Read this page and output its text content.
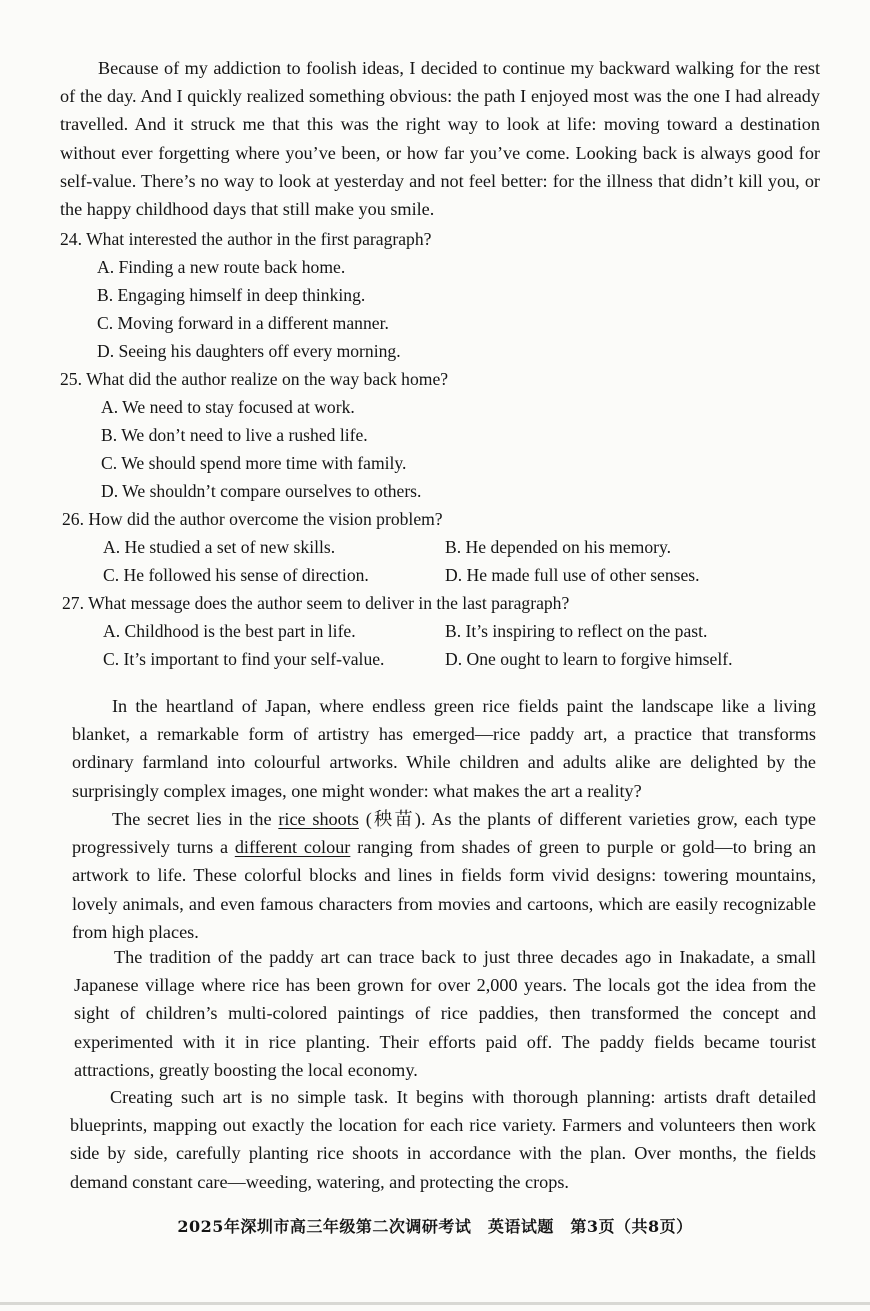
Because of my addiction to foolish ideas, I decided to continue my backward walking for the rest of the day. And I quickly realized something obvious: the path I enjoyed most was the one I had already travelled. And it struck me that this was the right way to look at life: moving toward a destination without ever forgetting where you’ve been, or how far you’ve come. Looking back is always good for self-value. There’s no way to look at yesterday and not feel better: for the illness that didn’t kill you, or the happy childhood days that still make you smile.

24. What interested the author in the first paragraph?
A. Finding a new route back home.
B. Engaging himself in deep thinking.
C. Moving forward in a different manner.
D. Seeing his daughters off every morning.
25. What did the author realize on the way back home?
A. We need to stay focused at work.
B. We don’t need to live a rushed life.
C. We should spend more time with family.
D. We shouldn’t compare ourselves to others.
26. How did the author overcome the vision problem?
A. He studied a set of new skills.	B. He depended on his memory.
C. He followed his sense of direction.	D. He made full use of other senses.
27. What message does the author seem to deliver in the last paragraph?
A. Childhood is the best part in life.	B. It’s inspiring to reflect on the past.
C. It’s important to find your self-value.	D. One ought to learn to forgive himself.

In the heartland of Japan, where endless green rice fields paint the landscape like a living blanket, a remarkable form of artistry has emerged—rice paddy art, a practice that transforms ordinary farmland into colourful artworks. While children and adults alike are delighted by the surprisingly complex images, one might wonder: what makes the art a reality?

The secret lies in the rice shoots (秧苗). As the plants of different varieties grow, each type progressively turns a different colour ranging from shades of green to purple or gold—to bring an artwork to life. These colorful blocks and lines in fields form vivid designs: towering mountains, lovely animals, and even famous characters from movies and cartoons, which are easily recognizable from high places.

The tradition of the paddy art can trace back to just three decades ago in Inakadate, a small Japanese village where rice has been grown for over 2,000 years. The locals got the idea from the sight of children’s multi-colored paintings of rice paddies, then transformed the concept and experimented with it in rice planting. Their efforts paid off. The paddy fields became tourist attractions, greatly boosting the local economy.

Creating such art is no simple task. It begins with thorough planning: artists draft detailed blueprints, mapping out exactly the location for each rice variety. Farmers and volunteers then work side by side, carefully planting rice shoots in accordance with the plan. Over months, the fields demand constant care—weeding, watering, and protecting the crops.

2025年深圳市高三年级第二次调研考试　英语试题　第3页（共8页）
